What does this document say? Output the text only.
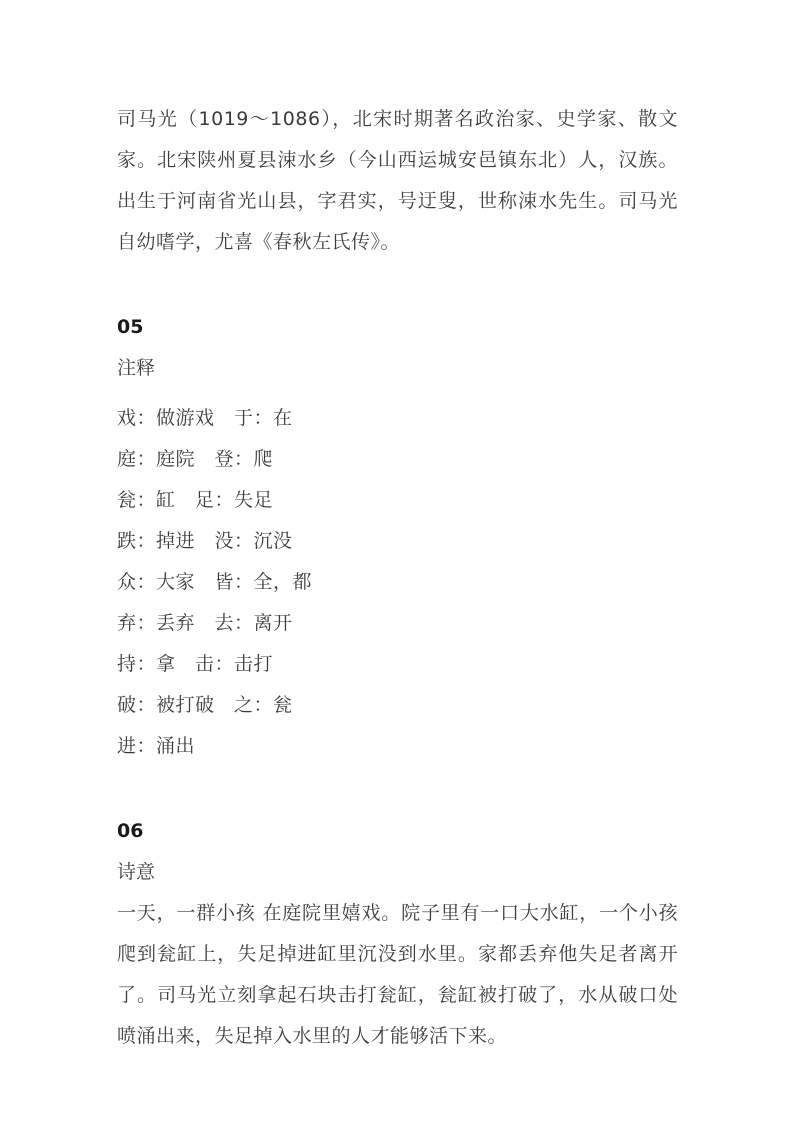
司马光（1019～1086），北宋时期著名政治家、史学家、散文家。北宋陕州夏县涑水乡（今山西运城安邑镇东北）人，汉族。出生于河南省光山县，字君实，号迂叟，世称涑水先生。司马光自幼嗜学，尤喜《春秋左氏传》。

05
注释
戏：做游戏　于：在
庭：庭院　登：爬
瓮：缸　足：失足
跌：掉进　没：沉没
众：大家　皆：全，都
弃：丢弃　去：离开
持：拿　击：击打
破：被打破　之：瓮
进：涌出
06
诗意

一天，一群小孩 在庭院里嬉戏。院子里有一口大水缸，一个小孩爬到瓮缸上，失足掉进缸里沉没到水里。家都丢弃他失足者离开了。司马光立刻拿起石块击打瓮缸，瓮缸被打破了，水从破口处喷涌出来，失足掉入水里的人才能够活下来。
